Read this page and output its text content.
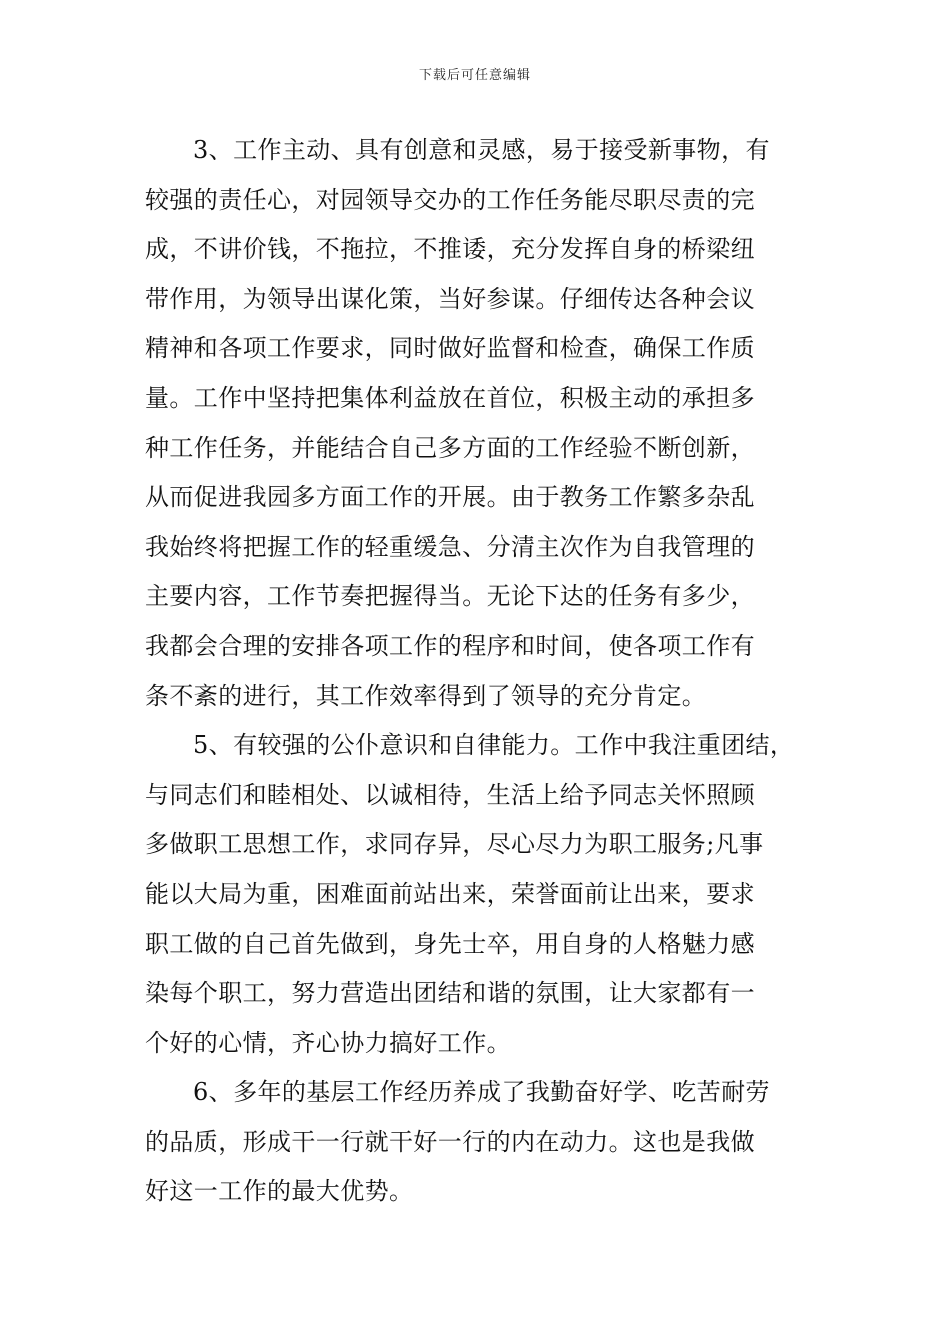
下载后可任意编辑
3、工作主动、具有创意和灵感，易于接受新事物，有
较强的责任心，对园领导交办的工作任务能尽职尽责的完
成，不讲价钱，不拖拉，不推诿，充分发挥自身的桥梁纽
带作用，为领导出谋化策，当好参谋。仔细传达各种会议
精神和各项工作要求，同时做好监督和检查，确保工作质
量。工作中坚持把集体利益放在首位，积极主动的承担多
种工作任务，并能结合自己多方面的工作经验不断创新，
从而促进我园多方面工作的开展。由于教务工作繁多杂乱
我始终将把握工作的轻重缓急、分清主次作为自我管理的
主要内容，工作节奏把握得当。无论下达的任务有多少，
我都会合理的安排各项工作的程序和时间，使各项工作有
条不紊的进行，其工作效率得到了领导的充分肯定。
5、有较强的公仆意识和自律能力。工作中我注重团结，
与同志们和睦相处、以诚相待，生活上给予同志关怀照顾
多做职工思想工作，求同存异，尽心尽力为职工服务;凡事
能以大局为重，困难面前站出来，荣誉面前让出来，要求
职工做的自己首先做到，身先士卒，用自身的人格魅力感
染每个职工，努力营造出团结和谐的氛围，让大家都有一
个好的心情，齐心协力搞好工作。
6、多年的基层工作经历养成了我勤奋好学、吃苦耐劳
的品质，形成干一行就干好一行的内在动力。这也是我做
好这一工作的最大优势。
